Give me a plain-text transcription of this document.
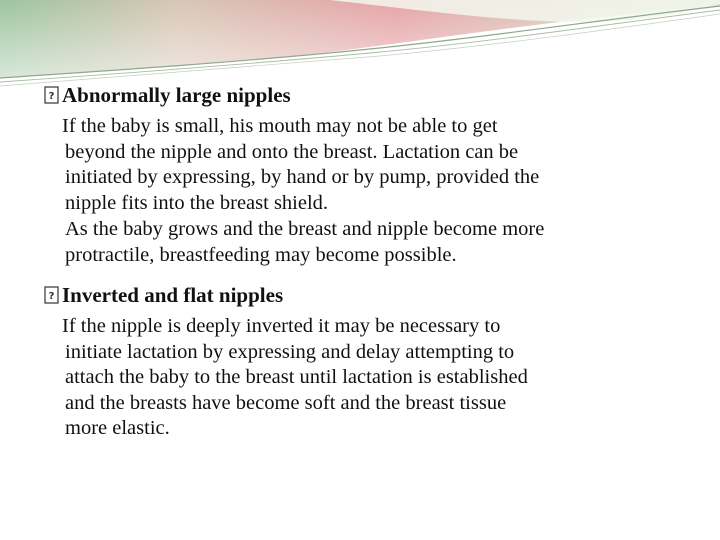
? Abnormally large nipples
If the baby is small, his mouth may not be able to get
beyond the nipple and onto the breast. Lactation can be
initiated by expressing, by hand or by pump, provided the
nipple fits into the breast shield.
As the baby grows and the breast and nipple become more
protractile, breastfeeding may become possible.
? Inverted and flat nipples
If the nipple is deeply inverted it may be necessary to
initiate lactation by expressing and delay attempting to
attach the baby to the breast until lactation is established
and the breasts have become soft and the breast tissue
more elastic.
